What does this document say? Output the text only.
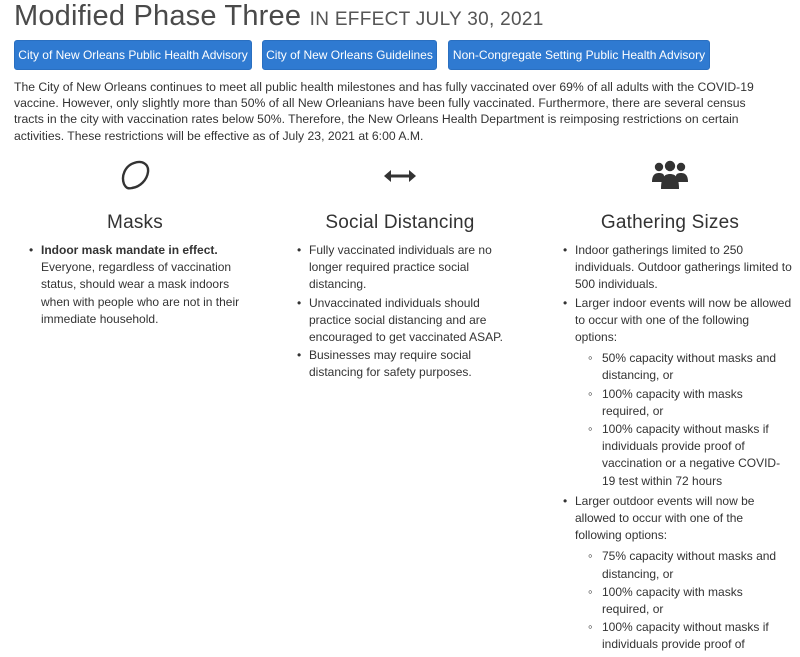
Modified Phase Three IN EFFECT JULY 30, 2021
City of New Orleans Public Health Advisory	City of New Orleans Guidelines	Non-Congregate Setting Public Health Advisory

The City of New Orleans continues to meet all public health milestones and has fully vaccinated over 69% of all adults with the COVID-19 vaccine. However, only slightly more than 50% of all New Orleanians have been fully vaccinated. Furthermore, there are several census tracts in the city with vaccination rates below 50%. Therefore, the New Orleans Health Department is reimposing restrictions on certain activities. These restrictions will be effective as of July 23, 2021 at 6:00 A.M.

Masks
• Indoor mask mandate in effect.
Everyone, regardless of vaccination status, should wear a mask indoors when with people who are not in their immediate household.
Social Distancing
• Fully vaccinated individuals are no longer required practice social distancing.
• Unvaccinated individuals should practice social distancing and are encouraged to get vaccinated ASAP.
• Businesses may require social distancing for safety purposes.
Gathering Sizes
• Indoor gatherings limited to 250 individuals. Outdoor gatherings limited to 500 individuals.
• Larger indoor events will now be allowed to occur with one of the following options:
◦ 50% capacity without masks and distancing, or
◦ 100% capacity with masks required, or
◦ 100% capacity without masks if individuals provide proof of vaccination or a negative COVID-19 test within 72 hours
• Larger outdoor events will now be allowed to occur with one of the following options:
◦ 75% capacity without masks and distancing, or
◦ 100% capacity with masks required, or
◦ 100% capacity without masks if individuals provide proof of
